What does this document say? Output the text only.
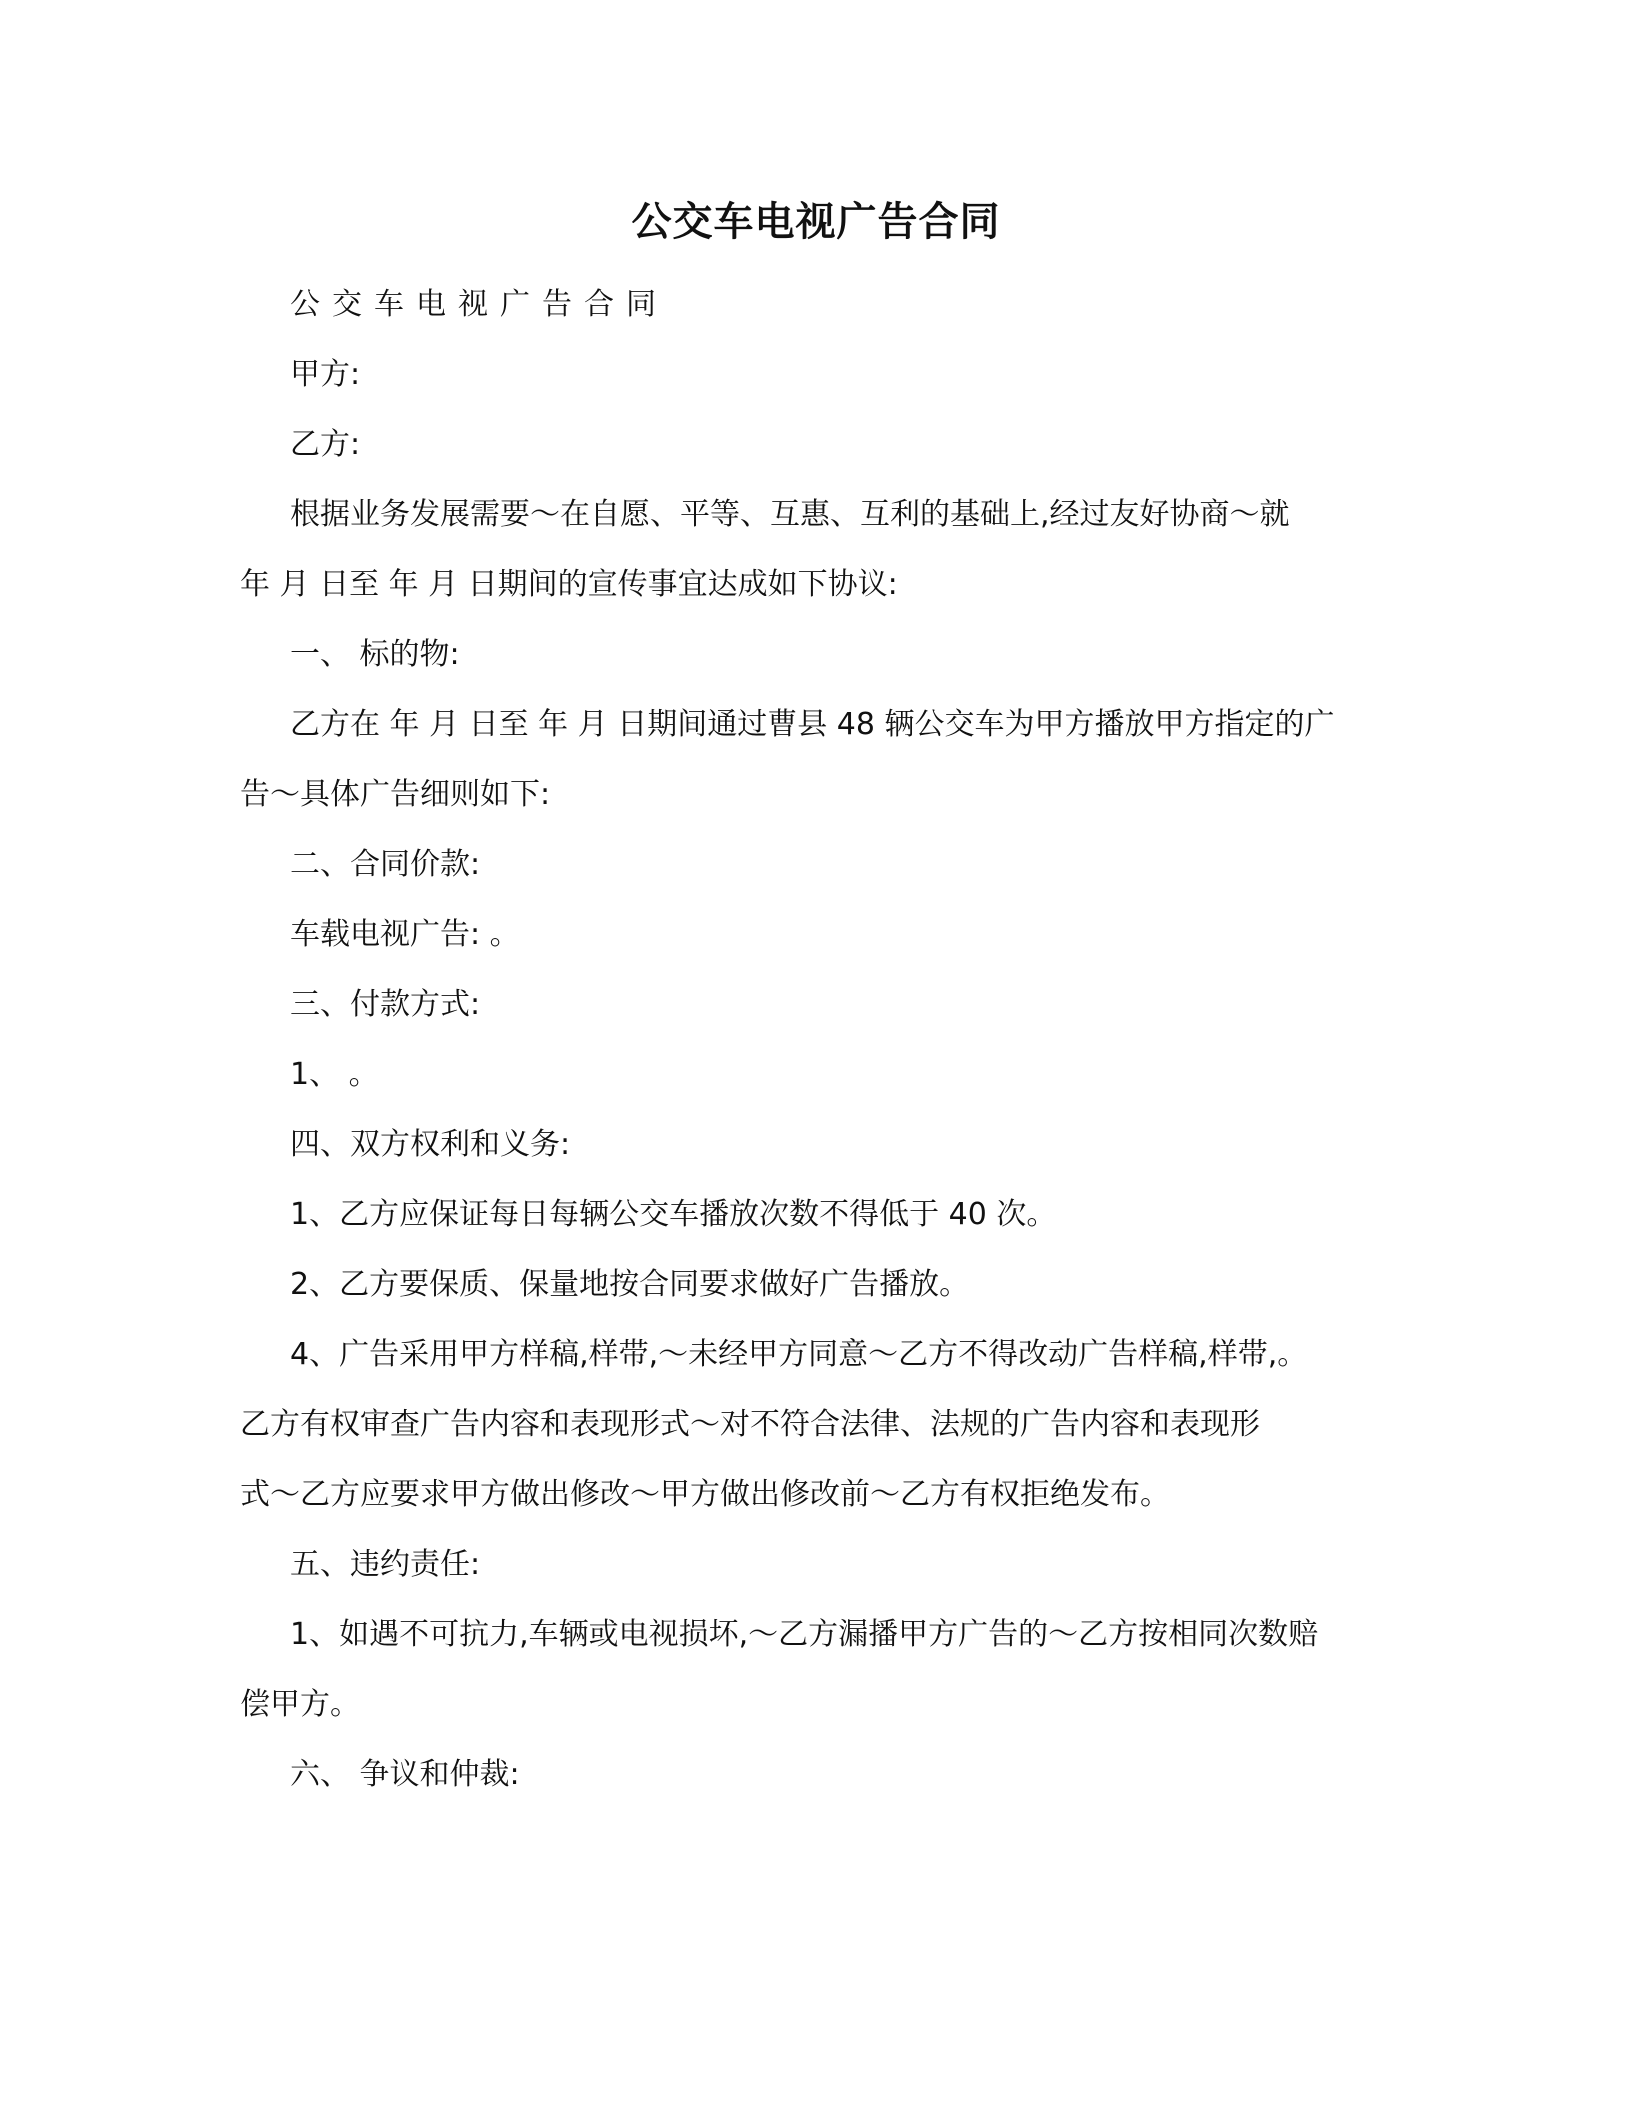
公交车电视广告合同

公交车电视广告合同

甲方:

乙方:

根据业务发展需要～在自愿、平等、互惠、互利的基础上,经过友好协商～就

年 月 日至 年 月 日期间的宣传事宜达成如下协议:

一、 标的物:

乙方在 年 月 日至 年 月 日期间通过曹县 48 辆公交车为甲方播放甲方指定的广

告～具体广告细则如下:

二、合同价款:

车载电视广告: 。

三、付款方式:

1、 。

四、双方权利和义务:

1、乙方应保证每日每辆公交车播放次数不得低于 40 次。

2、乙方要保质、保量地按合同要求做好广告播放。

4、广告采用甲方样稿,样带,～未经甲方同意～乙方不得改动广告样稿,样带,。

乙方有权审查广告内容和表现形式～对不符合法律、法规的广告内容和表现形

式～乙方应要求甲方做出修改～甲方做出修改前～乙方有权拒绝发布。

五、违约责任:

1、如遇不可抗力,车辆或电视损坏,～乙方漏播甲方广告的～乙方按相同次数赔

偿甲方。

六、 争议和仲裁:
